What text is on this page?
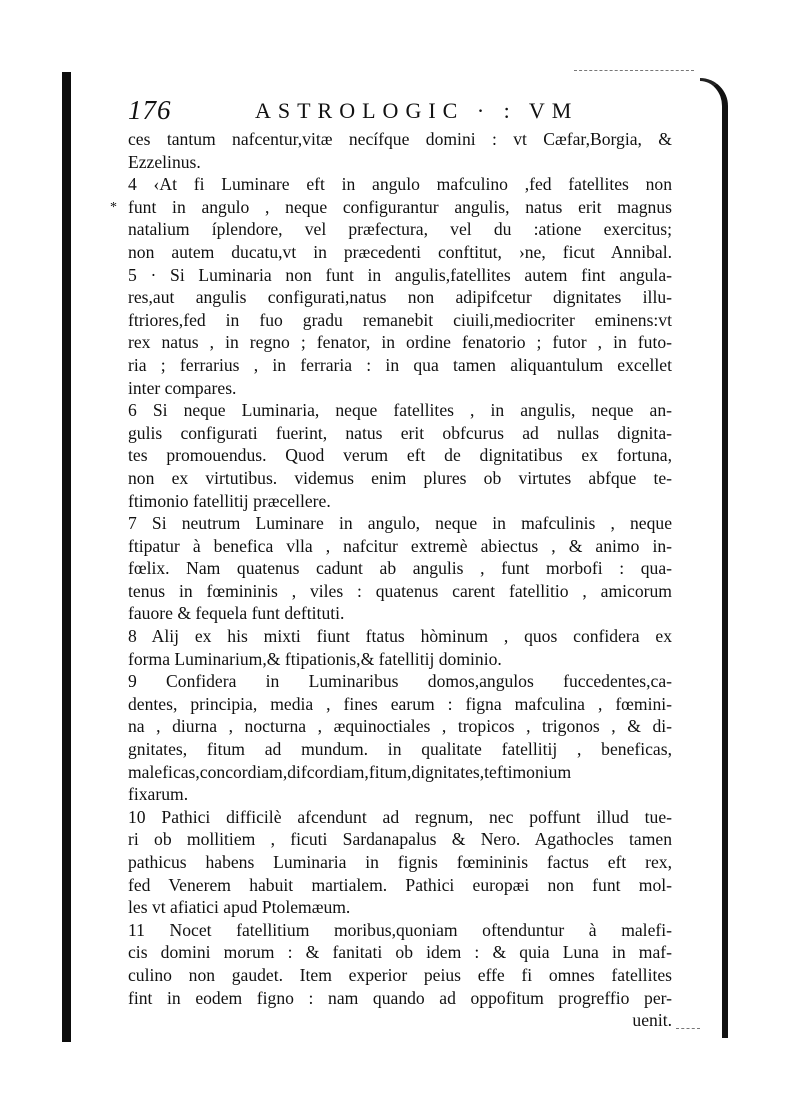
176	ASTROLOGIC · : VM
*
ces tantum nafcentur,vitæ necífque domini : vt Cæfar,Borgia, &
Ezzelinus.
4 ‹At fi Luminare eft in angulo mafculino ,fed fatellites non
funt in angulo , neque configurantur angulis, natus erit magnus
natalium íplendore, vel præfectura, vel du :atione exercitus;
non autem ducatu,vt in præcedenti conftitut, ›ne, ficut Annibal.
5 · Si Luminaria non funt in angulis,fatellites autem fint angula-
res,aut angulis configurati,natus non adipifcetur dignitates illu-
ftriores,fed in fuo gradu remanebit ciuili,mediocriter eminens:vt
rex natus , in regno ; fenator, in ordine fenatorio ; futor , in futo-
ria ; ferrarius , in ferraria : in qua tamen aliquantulum excellet
inter compares.
6 Si neque Luminaria, neque fatellites , in angulis, neque an-
gulis configurati fuerint, natus erit obfcurus ad nullas dignita-
tes promouendus. Quod verum eft de dignitatibus ex fortuna,
non ex virtutibus. videmus enim plures ob virtutes abfque te-
ftimonio fatellitij præcellere.
7 Si neutrum Luminare in angulo, neque in mafculinis , neque
ftipatur à benefica vlla , nafcitur extremè abiectus , & animo in-
fœlix. Nam quatenus cadunt ab angulis , funt morbofi : qua-
tenus in fœmininis , viles : quatenus carent fatellitio , amicorum
fauore & fequela funt deftituti.
8 Alij ex his mixti fiunt ftatus hòminum , quos confidera ex
forma Luminarium,& ftipationis,& fatellitij dominio.
9 Confidera in Luminaribus domos,angulos fuccedentes,ca-
dentes, principia, media , fines earum : figna mafculina , fœmini-
na , diurna , nocturna , æquinoctiales , tropicos , trigonos , & di-
gnitates, fitum ad mundum. in qualitate fatellitij , beneficas,
maleficas,concordiam,difcordiam,fitum,dignitates,teftimonium
fixarum.
10 Pathici difficilè afcendunt ad regnum, nec poffunt illud tue-
ri ob mollitiem , ficuti Sardanapalus & Nero. Agathocles tamen
pathicus habens Luminaria in fignis fœmininis factus eft rex,
fed Venerem habuit martialem. Pathici europæi non funt mol-
les vt afiatici apud Ptolemæum.
11 Nocet fatellitium moribus,quoniam oftenduntur à malefi-
cis domini morum : & fanitati ob idem : & quia Luna in maf-
culino non gaudet. Item experior peius effe fi omnes fatellites
fint in eodem figno : nam quando ad oppofitum progreffio per-
uenit.
